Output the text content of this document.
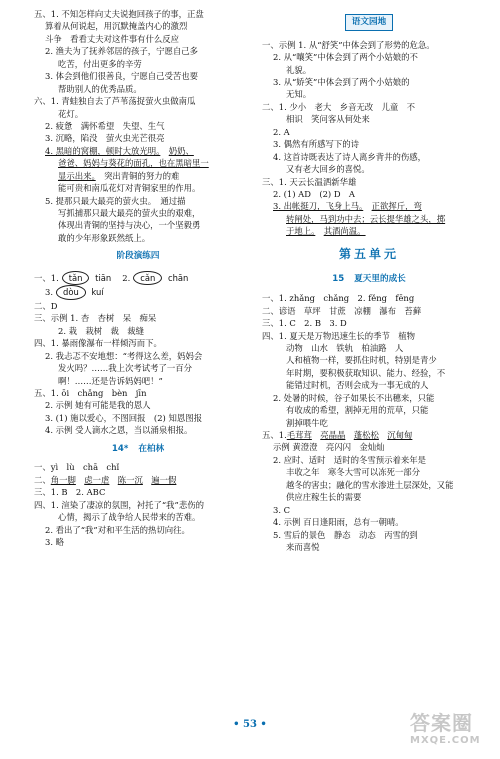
五、1. 不知怎样向丈夫说抱回孩子的事，正盘
算着从何说起，用沉默掩盖内心的激烈
斗争　看看丈夫对这件事有什么反应
2. 渔夫为了抚养邻居的孩子，宁愿自己多
吃苦，付出更多的辛劳
3. 体会到他们很善良，宁愿自己受苦也要
帮助别人的优秀品质。
六、1. 青蛙独自去了芦苇荡捉萤火虫做南瓜
花灯。
2. 疲惫　满怀希望　失望、生气
3. 沉略，陷没　萤火虫光芒很亮
4. 黑暗的窝棚，顿时大放光明。　 奶奶、
爸爸、妈妈与葵花的面孔，也在黑暗里一
显示出来。　 突出青铜的努力的难
能可贵和南瓜花灯对青铜家里的作用。
5. 提那只最大最亮的萤火虫。　通过描
写抓捕那只最大最亮的萤火虫的艰难，
体现出青铜的坚持与决心，一个坚毅勇
敢的少年形象跃然纸上。
阶段演练四
一、1. tǎn tiān　 2. cǎn chān
3. dòu kuí
二、D
三、示例 1. 杏　杏树　呆　痴呆
2. 栽　栽树　裁　裁缝
四、1. 暴雨像瀑布一样倾泻而下。
2. 我忐忑不安地想：“考得这么差，妈妈会
发火吗？……我上次考试考了一百分
啊！……还是告诉妈妈吧！”
五、1. ōi　chǎng　bèn　jīn
2. 示例 她有可能是我的恩人
3. (1) 施以爱心，不图回报　(2) 知恩图报
4. 示例 受人滴水之恩，当以涌泉相报。
14* 在柏林
一、yì　lù　chā　chǐ
二、角一脚　 虑一虐　 陈一沉　 遍一假
三、1. B　2. ABC
四、1. 渲染了凄凉的氛围，衬托了“我”悲伤的
心情，揭示了战争给人民带来的苦难。
2. 看出了“我”对和平生活的热切向往。
3. 略
语文园地
一、示例 1. 从“舒笑”中体会到了形势的危急。
2. 从“嚷笑”中体会到了两个小姑娘的不
礼貌。
3. 从“娇笑”中体会到了两个小姑娘的
无知。
二、1. 少小　老大　乡音无改　儿童　不
相识　笑问客从何处来
2. A
3. 偶然有所感写下的诗
4. 这首诗既表达了诗人离乡背井的伤感，
又有老大回乡的喜悦。
三、1. 天云长温洒新华雄
2. (1) AD　(2) D　A
3. 出帐挺刀，飞身上马。　 正欲挥斤，弯
转闸处，马到功中去；云长提华雄之头，掷
于地上。　 其酒尚温。
第五单元
15 夏天里的成长
一、1. zhǎng　chǎng　2. fěng　fēng
二、谚语　草坪　甘蔗　凉棚　瀑布　苔藓
三、1. C　2. B　3. D
四、1. 夏天是万物迅速生长的季节　植物
动物　山水　铁轨　柏油路　人
人和植物一样，要抓住时机，特别是青少
年时期，要积极获取知识、能力、经验，不
能错过时机，否则会成为一事无成的人
2. 处暑的时候，谷子如果长不出穗来，只能
有收成的希望，割掉无用的荒草，只能
割掉喂牛吃
五、1.毛茸茸　 亮晶晶　 蓬松松　 沉甸甸
示例 黄澄澄　亮闪闪　金灿灿
2. 应时、适时　适时的冬雪预示着来年是
丰收之年　寒冬大雪可以冻死一部分
越冬的害虫；融化的雪水渗进土层深处，又能
供应庄稼生长的需要
3. C
4. 示例 百日逢阳雨，总有一朝晴。
5. 雪后的景色　静态　动态　丙雪的到
来而喜悦
• 53 •	答案圈
MXQE.COM
